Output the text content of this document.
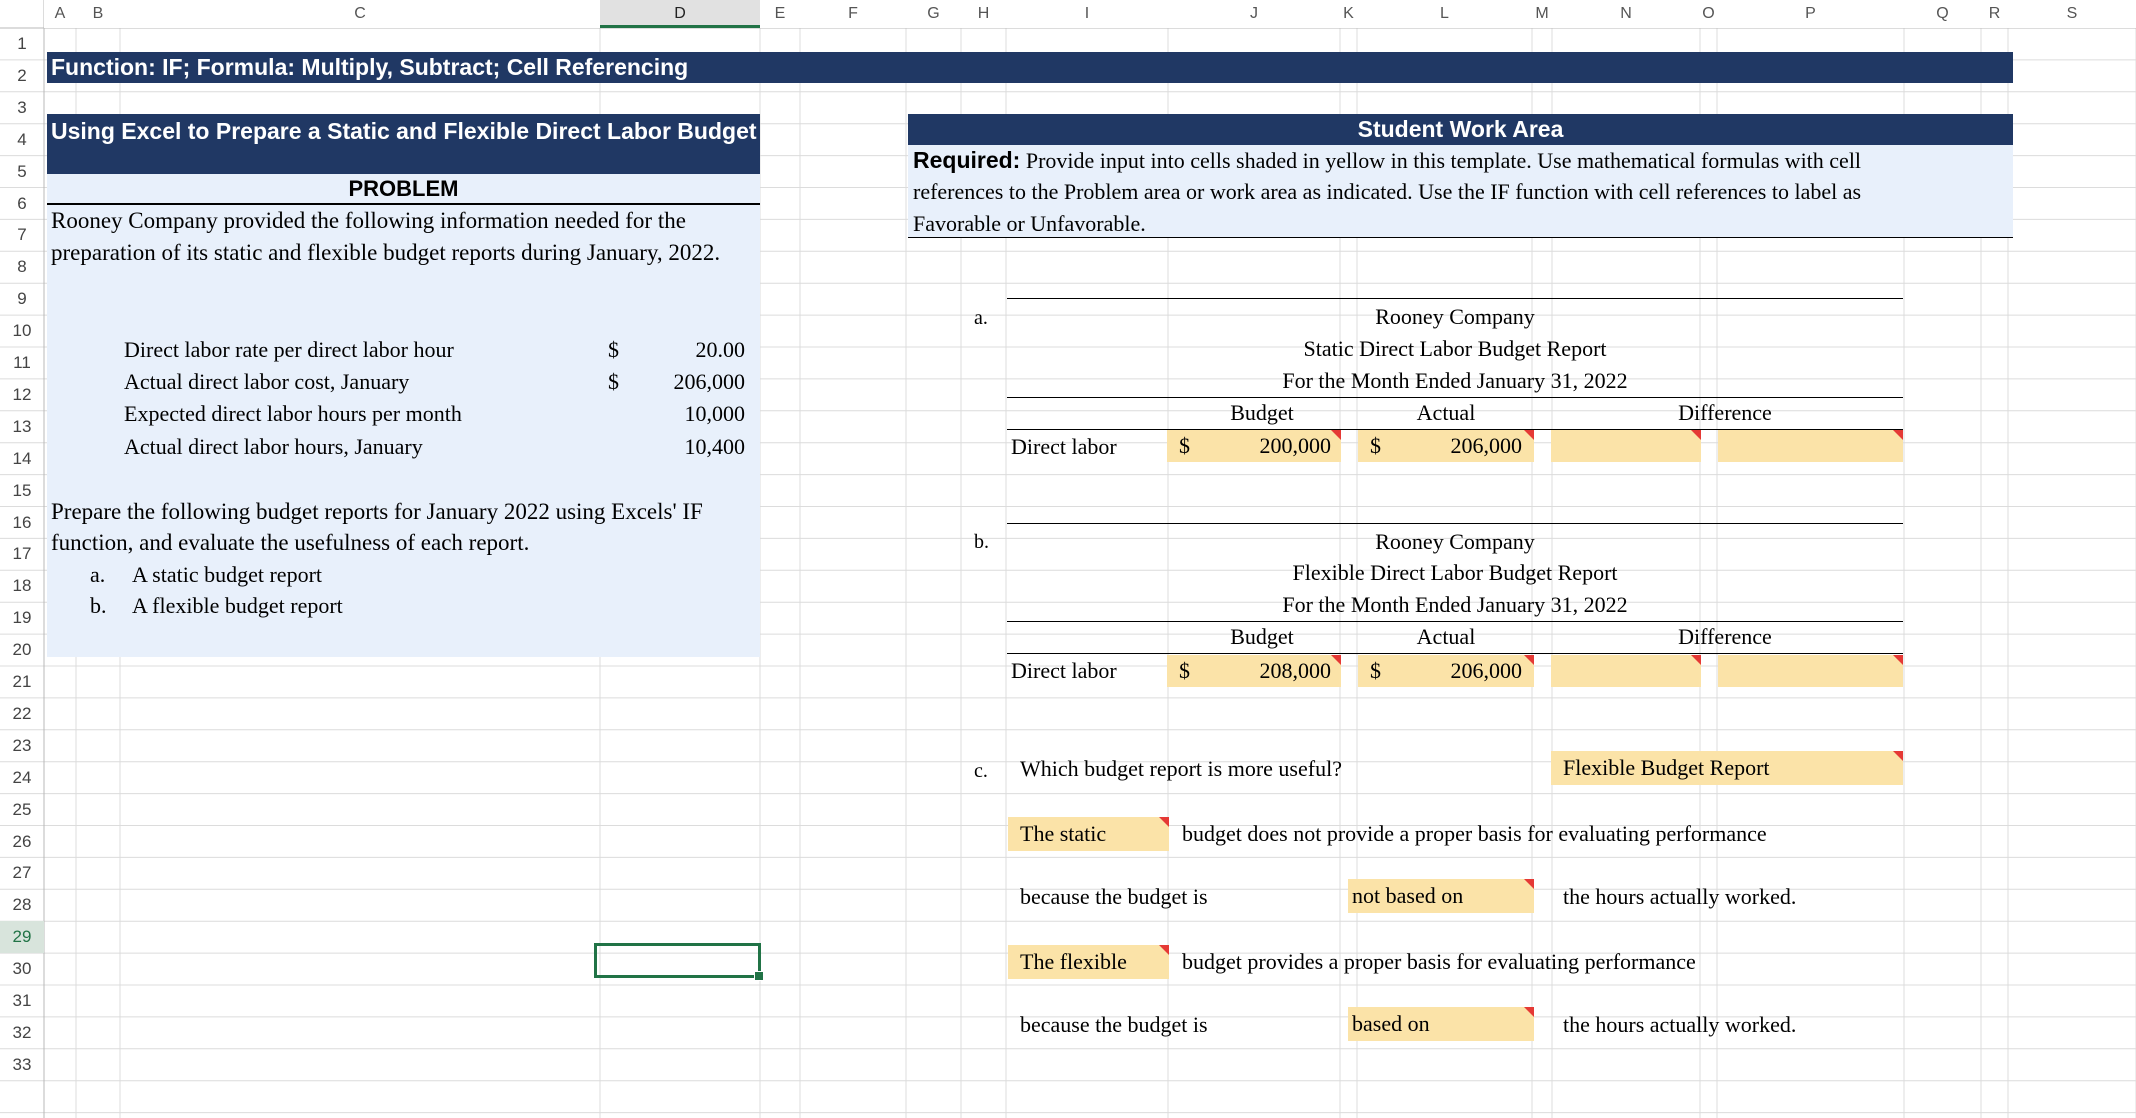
A	B	C	D	E	F	G	H	I	J	K	L	M	N	O	P	Q	R	S
1
2
3
4
5
6
7
8
9
10
11
12
13
14
15
16
17
18
19
20
21
22
23
24
25
26
27
28
29
30
31
32
33
Function: IF; Formula: Multiply, Subtract; Cell Referencing
Using Excel to Prepare a Static and Flexible Direct Labor Budget
PROBLEM
Rooney Company provided the following information needed for the
preparation of its static and flexible budget reports during January, 2022.
Direct labor rate per direct labor hour	$	20.00
Actual direct labor cost, January	$	206,000
Expected direct labor hours per month	10,000
Actual direct labor hours, January	10,400
Prepare the following budget reports for January 2022 using Excels' IF
function, and evaluate the usefulness of each report.
a. A static budget report
b. A flexible budget report
Student Work Area
Required: Provide input into cells shaded in yellow in this template. Use mathematical formulas with cell
references to the Problem area or work area as indicated. Use the IF function with cell references to label as
Favorable or Unfavorable.
a.	Rooney Company
Static Direct Labor Budget Report
For the Month Ended January 31, 2022
Budget	Actual	Difference
Direct labor	$	200,000 $	206,000
b.	Rooney Company
Flexible Direct Labor Budget Report
For the Month Ended January 31, 2022
Budget	Actual	Difference
Direct labor	$	208,000 $	206,000
c. Which budget report is more useful?	Flexible Budget Report
The static	budget does not provide a proper basis for evaluating performance
because the budget is	not based on	the hours actually worked.
The flexible	budget provides a proper basis for evaluating performance
because the budget is	based on	the hours actually worked.
